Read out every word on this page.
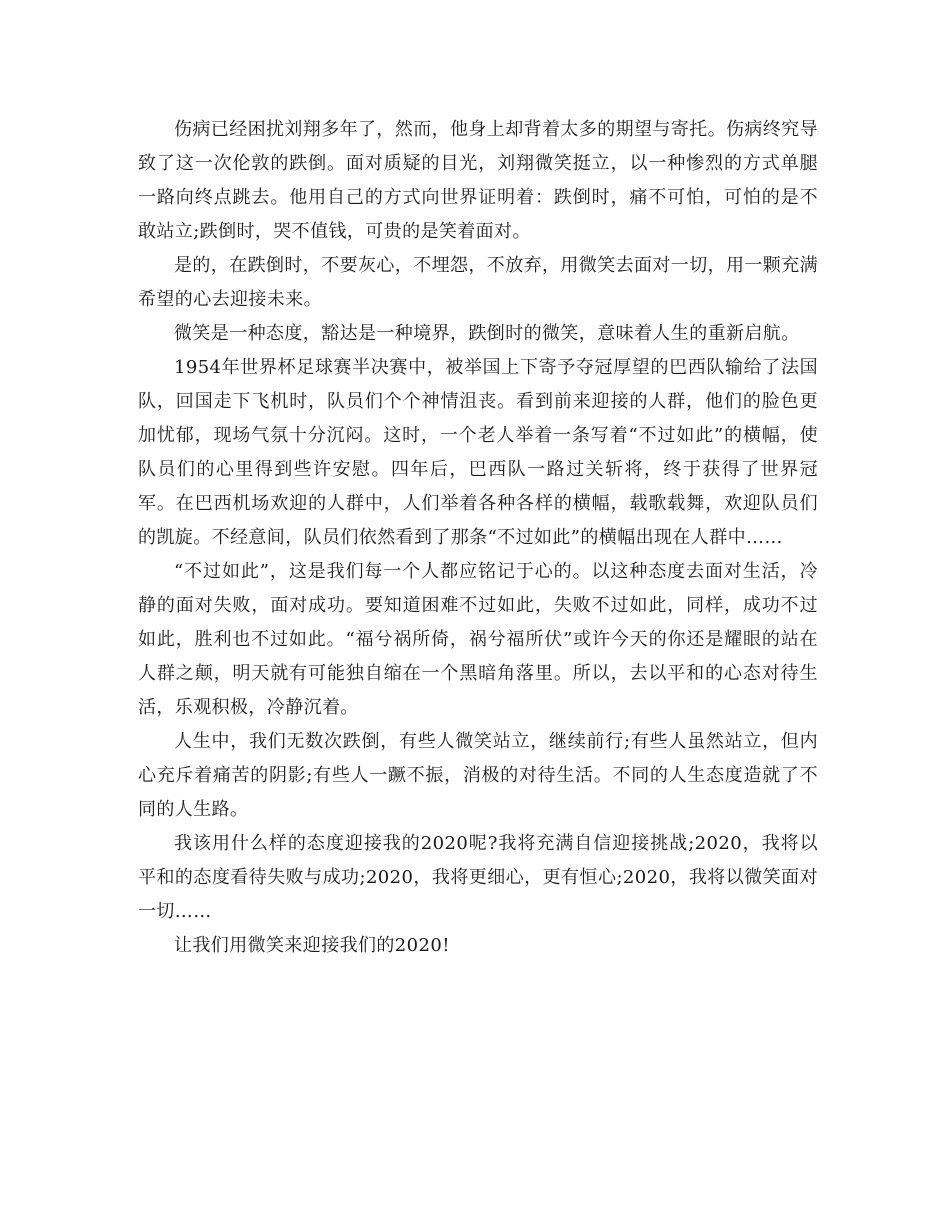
伤病已经困扰刘翔多年了，然而，他身上却背着太多的期望与寄托。伤病终究导致了这一次伦敦的跌倒。面对质疑的目光，刘翔微笑挺立，以一种惨烈的方式单腿一路向终点跳去。他用自己的方式向世界证明着：跌倒时，痛不可怕，可怕的是不敢站立;跌倒时，哭不值钱，可贵的是笑着面对。

是的，在跌倒时，不要灰心，不埋怨，不放弃，用微笑去面对一切，用一颗充满希望的心去迎接未来。

微笑是一种态度，豁达是一种境界，跌倒时的微笑，意味着人生的重新启航。

1954年世界杯足球赛半决赛中，被举国上下寄予夺冠厚望的巴西队输给了法国队，回国走下飞机时，队员们个个神情沮丧。看到前来迎接的人群，他们的脸色更加忧郁，现场气氛十分沉闷。这时，一个老人举着一条写着“不过如此”的横幅，使队员们的心里得到些许安慰。四年后，巴西队一路过关斩将，终于获得了世界冠军。在巴西机场欢迎的人群中，人们举着各种各样的横幅，载歌载舞，欢迎队员们的凯旋。不经意间，队员们依然看到了那条“不过如此”的横幅出现在人群中……

“不过如此”，这是我们每一个人都应铭记于心的。以这种态度去面对生活，冷静的面对失败，面对成功。要知道困难不过如此，失败不过如此，同样，成功不过如此，胜利也不过如此。“福兮祸所倚，祸兮福所伏”或许今天的你还是耀眼的站在人群之颠，明天就有可能独自缩在一个黑暗角落里。所以，去以平和的心态对待生活，乐观积极，冷静沉着。

人生中，我们无数次跌倒，有些人微笑站立，继续前行;有些人虽然站立，但内心充斥着痛苦的阴影;有些人一蹶不振，消极的对待生活。不同的人生态度造就了不同的人生路。

我该用什么样的态度迎接我的2020呢?我将充满自信迎接挑战;2020，我将以平和的态度看待失败与成功;2020，我将更细心，更有恒心;2020，我将以微笑面对一切……

让我们用微笑来迎接我们的2020!
